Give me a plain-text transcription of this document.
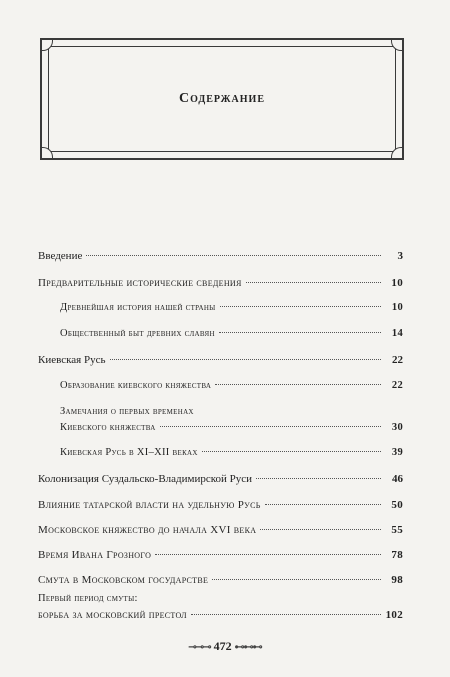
Содержание
Введение	3
Предварительные исторические сведения	10
Древнейшая история нашей страны	10
Общественный быт древних славян	14
Киевская Русь	22
Образование киевского княжества	22
Замечания о первых временах
Киевского княжества	30
Киевская Русь в XI–XII веках	39
Колонизация Суздальско-Владимирской Руси	46
Влияние татарской власти на удельную Русь	50
Московское княжество до начала XVI века	55
Время Ивана Грозного	78
Смута в Московском государстве	98
Первый период смуты:
борьба за московский престол	102
⊸⊸⊸ 472 ⊷⊷⊷
